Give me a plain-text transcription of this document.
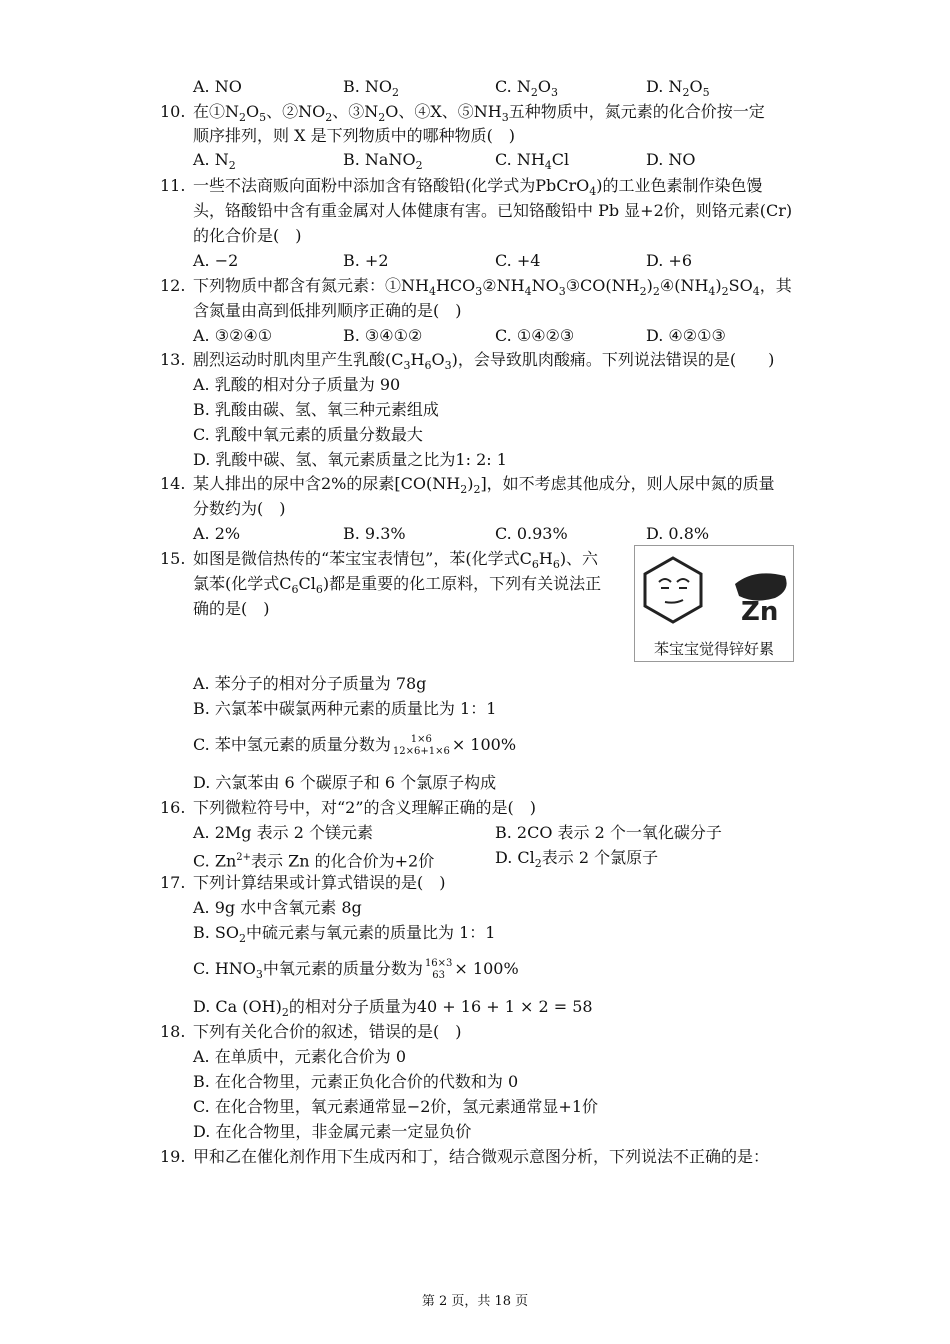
A. NO	B. $NO_2$	C. $N_2O_3$	D. $N_2O_5$
10. 在$①N_2O_5$、$②NO_2$、$③N_2O$、④X、$⑤NH_3$五种物质中，氮元素的化合价按一定
顺序排列，则 X 是下列物质中的哪种物质(　)
A. $N_2$	B. NaNO$_2$	C. $NH_4Cl$	D. NO
11. 一些不法商贩向面粉中添加含有铬酸铅(化学式为PbCrO$_4$)的工业色素制作染色馒
头，铬酸铅中含有重金属对人体健康有害。已知铬酸铅中 Pb 显+2价，则铬元素(Cr)
的化合价是(　)
A. −2	B. +2	C. +4	D. +6
12. 下列物质中都含有氮元素：$①NH_4HCO_3②NH_4NO_3③CO(NH_2)_2④(NH_4)_2SO_4$，其
含氮量由高到低排列顺序正确的是(　)
A. ③②④①	B. ③④①②	C. ①④②③	D. ④②①③
13. 剧烈运动时肌肉里产生乳酸$(C_3H_6O_3)$，会导致肌肉酸痛。下列说法错误的是(　　)
A. 乳酸的相对分子质量为 90
B. 乳酸由碳、氢、氧三种元素组成
C. 乳酸中氧元素的质量分数最大
D. 乳酸中碳、氢、氧元素质量之比为1: 2: 1
14. 某人排出的尿中含2%的尿素$[CO(NH_2)_2]$，如不考虑其他成分，则人尿中氮的质量
分数约为(　)
A. 2%	B. 9.3%	C. 0.93%	D. 0.8%
15. 如图是微信热传的“苯宝宝表情包”，苯(化学式$C_6H_6$)、六
氯苯(化学式$C_6Cl_6$)都是重要的化工原料，下列有关说法正
确的是(　)	Zn
苯宝宝觉得锌好累
A. 苯分子的相对分子质量为 78g
B. 六氯苯中碳氯两种元素的质量比为 1：1
C. 苯中氢元素的质量分数为	1×6
12×6+1×6 × 100%
D. 六氯苯由 6 个碳原子和 6 个氯原子构成
16. 下列微粒符号中，对“2”的含义理解正确的是(　)
A. 2Mg 表示 2 个镁元素	B. 2CO 表示 2 个一氧化碳分子
C. $Zn^{2+}$表示 Zn 的化合价为+2价	D. $Cl_2$表示 2 个氯原子
17. 下列计算结果或计算式错误的是(　)
A. 9g 水中含氧元素 8g
B. $SO_2$中硫元素与氧元素的质量比为 1：1
C. $HNO_3$中氧元素的质量分数为 16×3
63 × 100%
D. Ca $(OH)_2$的相对分子质量为40 + 16 + 1 × 2 = 58
18. 下列有关化合价的叙述，错误的是(　)
A. 在单质中，元素化合价为 0
B. 在化合物里，元素正负化合价的代数和为 0
C. 在化合物里，氧元素通常显−2价，氢元素通常显+1价
D. 在化合物里，非金属元素一定显负价
19. 甲和乙在催化剂作用下生成丙和丁，结合微观示意图分析，下列说法不正确的是：
第 2 页，共 18 页
